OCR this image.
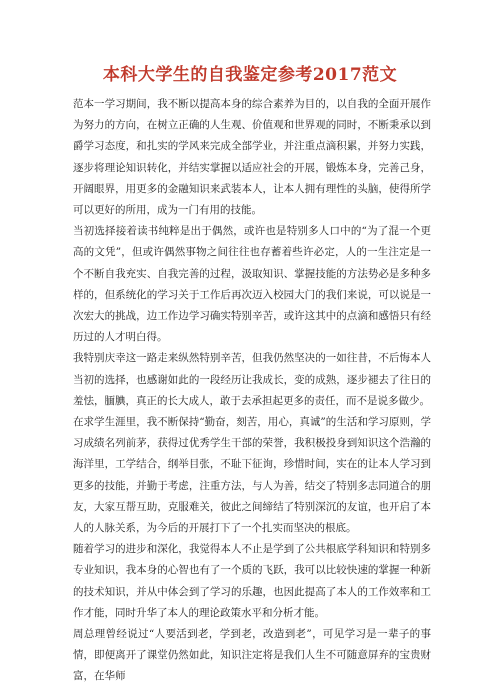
本科大学生的自我鉴定参考2017范文

范本一学习期间，我不断以提高本身的综合素养为目的，以自我的全面开展作为努力的方向，在树立正确的人生观、价值观和世界观的同时，不断秉承以到爵学习态度，和扎实的学风来完成全部学业，并注重点滴积累，并努力实践，逐步将理论知识转化，并结实掌握以适应社会的开展，锻炼本身，完善己身，开阔眼界，用更多的金融知识来武装本人，让本人拥有理性的头脑，使得所学可以更好的所用，成为一门有用的技能。

当初选择接着读书纯粹是出于偶然，或许也是特别多人口中的“为了混一个更高的文凭”，但或许偶然事物之间往往也存蓄着些许必定，人的一生注定是一个不断自我充实、自我完善的过程，汲取知识、掌握技能的方法势必是多种多样的，但系统化的学习关于工作后再次迈入校园大门的我们来说，可以说是一次宏大的挑战，边工作边学习确实特别辛苦，或许这其中的点滴和感悟只有经历过的人才明白得。

我特别庆幸这一路走来纵然特别辛苦，但我仍然坚决的一如往昔，不后悔本人当初的选择，也感谢如此的一段经历让我成长，变的成熟，逐步褪去了往日的羞怯，腼腆，真正的长大成人，敢于去承担起更多的责任，而不是说多做少。

在求学生涯里，我不断保持“勤奋，刻苦，用心，真诚”的生活和学习原则，学习成绩名列前茅，获得过优秀学生干部的荣誉，我积极投身到知识这个浩瀚的海洋里，工学结合，纲举目张，不耻下征询，珍惜时间，实在的让本人学习到更多的技能，并勤于考虑，注重方法，与人为善，结交了特别多志同道合的朋友，大家互帮互助，克服难关，彼此之间缔结了特别深沉的友谊，也开启了本人的人脉关系，为今后的开展打下了一个扎实而坚决的根底。

随着学习的进步和深化，我觉得本人不止是学到了公共根底学科知识和特别多专业知识，我本身的心智也有了一个质的飞跃，我可以比较快速的掌握一种新的技术知识，并从中体会到了学习的乐趣，也因此提高了本人的工作效率和工作才能，同时升华了本人的理论政策水平和分析才能。

周总理曾经说过“人要活到老，学到老，改造到老”，可见学习是一辈子的事情，即便离开了课堂仍然如此，知识注定将是我们人生不可随意屏弃的宝贵财富，在华师
